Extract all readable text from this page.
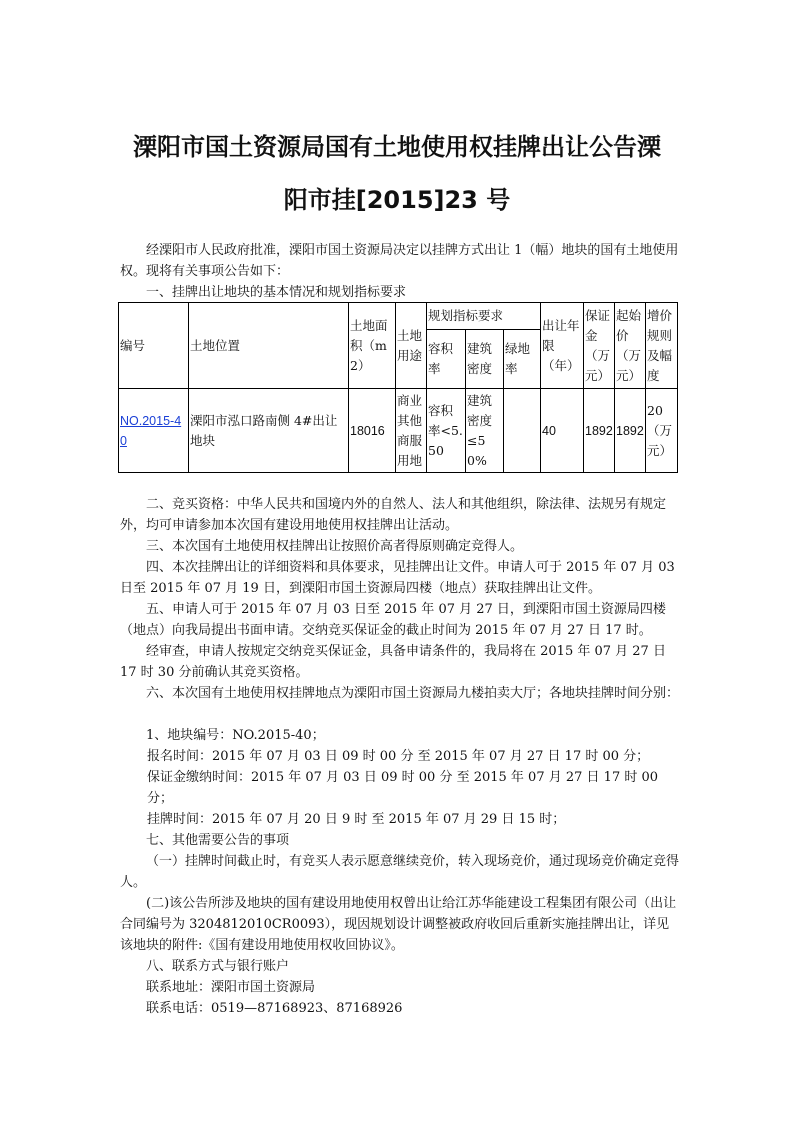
溧阳市国土资源局国有土地使用权挂牌出让公告溧
阳市挂[2015]23 号
经溧阳市人民政府批准，溧阳市国土资源局决定以挂牌方式出让 1（幅）地块的国有土地使用权。现将有关事项公告如下：
一、挂牌出让地块的基本情况和规划指标要求
编号	土地位置	土地面积（m2）	土地用途	规划指标要求			出让年限（年）	保证金（万元）	起始价（万元）	增价规则及幅度
				容积率	建筑密度	绿地率				
NO.2015-40	溧阳市泓口路南侧 4#出让地块	18016	商业其他商服用地	容积率<5.50	建筑密度≤50%		40	1892	1892	20（万元）
二、竞买资格：中华人民共和国境内外的自然人、法人和其他组织，除法律、法规另有规定外，均可申请参加本次国有建设用地使用权挂牌出让活动。
三、本次国有土地使用权挂牌出让按照价高者得原则确定竞得人。
四、本次挂牌出让的详细资料和具体要求，见挂牌出让文件。申请人可于 2015 年 07 月 03 日至 2015 年 07 月 19 日，到溧阳市国土资源局四楼（地点）获取挂牌出让文件。
五、申请人可于 2015 年 07 月 03 日至 2015 年 07 月 27 日，到溧阳市国土资源局四楼（地点）向我局提出书面申请。交纳竞买保证金的截止时间为 2015 年 07 月 27 日 17 时。
经审查，申请人按规定交纳竞买保证金，具备申请条件的，我局将在 2015 年 07 月 27 日 17 时 30 分前确认其竞买资格。
六、本次国有土地使用权挂牌地点为溧阳市国土资源局九楼拍卖大厅；各地块挂牌时间分别：
1、地块编号：NO.2015-40；
报名时间：2015 年 07 月 03 日 09 时 00 分 至 2015 年 07 月 27 日 17 时 00 分；
保证金缴纳时间：2015 年 07 月 03 日 09 时 00 分 至 2015 年 07 月 27 日 17 时 00 分；
挂牌时间：2015 年 07 月 20 日 9 时 至 2015 年 07 月 29 日 15 时；
七、其他需要公告的事项
（一）挂牌时间截止时，有竞买人表示愿意继续竞价，转入现场竞价，通过现场竞价确定竞得人。
(二)该公告所涉及地块的国有建设用地使用权曾出让给江苏华能建设工程集团有限公司（出让合同编号为 3204812010CR0093），现因规划设计调整被政府收回后重新实施挂牌出让，详见该地块的附件:《国有建设用地使用权收回协议》。
八、联系方式与银行账户
联系地址：溧阳市国土资源局
联系电话：0519—87168923、87168926
